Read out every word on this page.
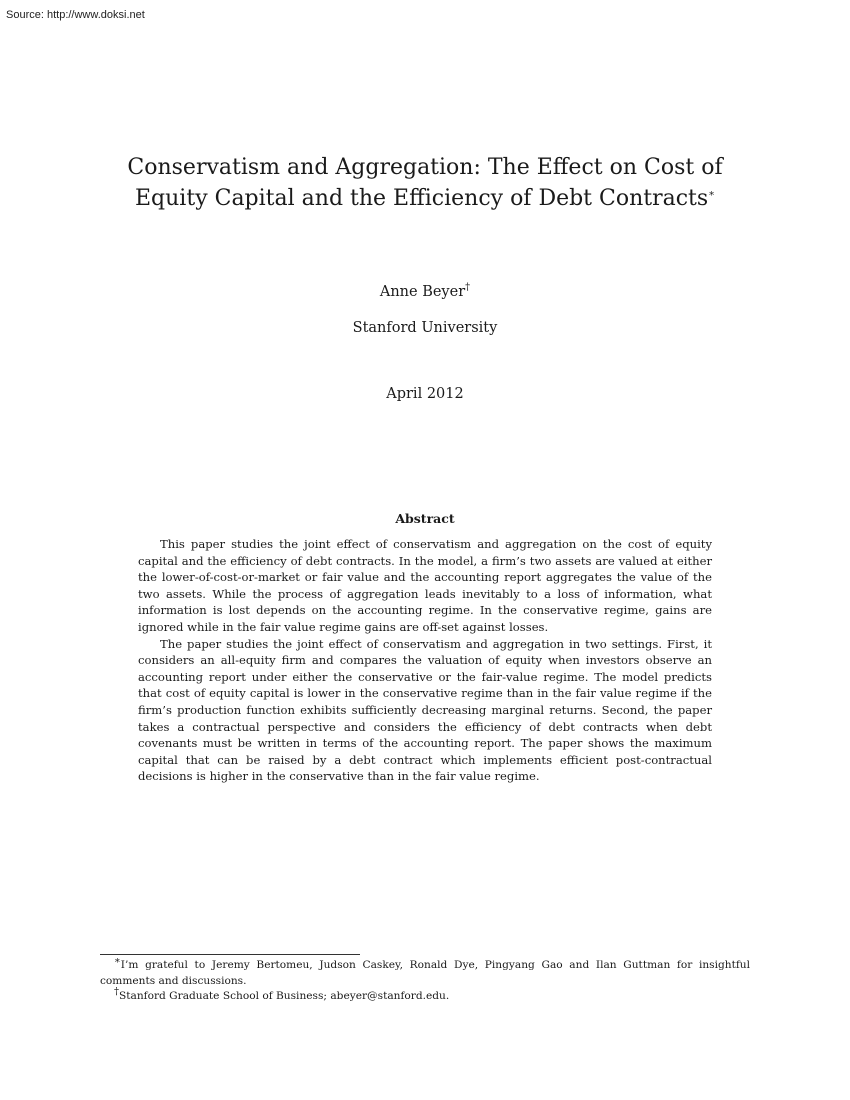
Source: http://www.doksi.net
Conservatism and Aggregation: The Effect on Cost of Equity Capital and the Efficiency of Debt Contracts∗
Anne Beyer†
Stanford University
April 2012
Abstract

This paper studies the joint effect of conservatism and aggregation on the cost of equity capital and the efficiency of debt contracts. In the model, a firm’s two assets are valued at either the lower-of-cost-or-market or fair value and the accounting report aggregates the value of the two assets. While the process of aggregation leads inevitably to a loss of information, what information is lost depends on the accounting regime. In the conservative regime, gains are ignored while in the fair value regime gains are off-set against losses.

The paper studies the joint effect of conservatism and aggregation in two settings. First, it considers an all-equity firm and compares the valuation of equity when investors observe an accounting report under either the conservative or the fair-value regime. The model predicts that cost of equity capital is lower in the conservative regime than in the fair value regime if the firm’s production function exhibits sufficiently decreasing marginal returns. Second, the paper takes a contractual perspective and considers the efficiency of debt contracts when debt covenants must be written in terms of the accounting report. The paper shows the maximum capital that can be raised by a debt contract which implements efficient post-contractual decisions is higher in the conservative than in the fair value regime.

∗I’m grateful to Jeremy Bertomeu, Judson Caskey, Ronald Dye, Pingyang Gao and Ilan Guttman for insightful comments and discussions.

†Stanford Graduate School of Business; abeyer@stanford.edu.
